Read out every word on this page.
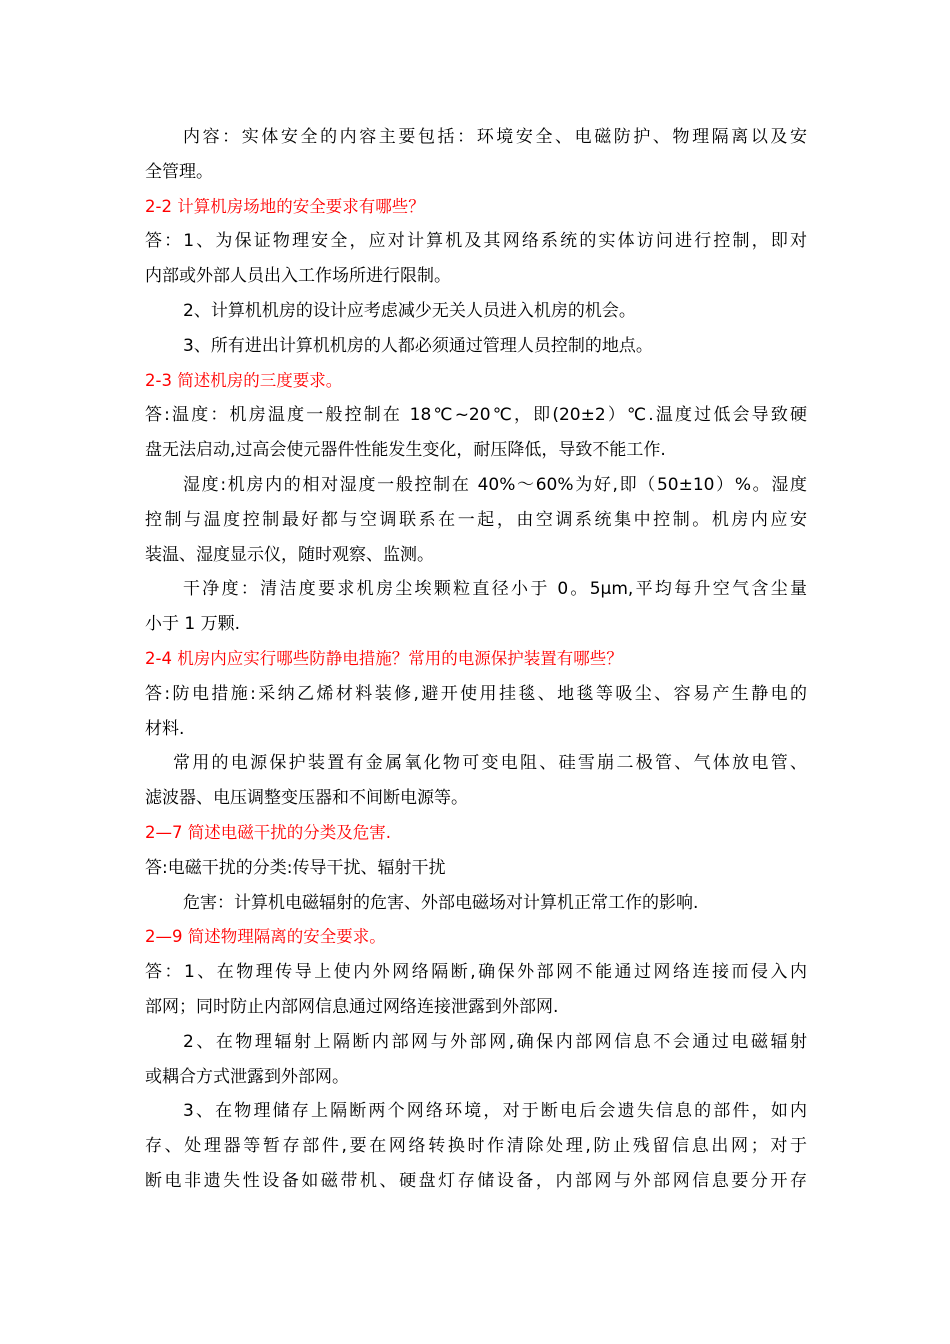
内容：实体安全的内容主要包括：环境安全、电磁防护、物理隔离以及安

全管理。

2-2 计算机房场地的安全要求有哪些？

答：1、为保证物理安全，应对计算机及其网络系统的实体访问进行控制，即对

内部或外部人员出入工作场所进行限制。

2、计算机机房的设计应考虑减少无关人员进入机房的机会。

3、所有进出计算机机房的人都必须通过管理人员控制的地点。

2-3 简述机房的三度要求。

答:温度：机房温度一般控制在 18℃~20℃，即(20±2）℃.温度过低会导致硬

盘无法启动,过高会使元器件性能发生变化，耐压降低，导致不能工作.

湿度:机房内的相对湿度一般控制在 40%～60%为好,即（50±10）%。湿度

控制与温度控制最好都与空调联系在一起，由空调系统集中控制。机房内应安

装温、湿度显示仪，随时观察、监测。

干净度：清洁度要求机房尘埃颗粒直径小于 0。5μm,平均每升空气含尘量

小于 1 万颗.

2-4 机房内应实行哪些防静电措施？常用的电源保护装置有哪些？

答:防电措施:采纳乙烯材料装修,避开使用挂毯、地毯等吸尘、容易产生静电的

材料.

常用的电源保护装置有金属氧化物可变电阻、硅雪崩二极管、气体放电管、

滤波器、电压调整变压器和不间断电源等。

2—7 简述电磁干扰的分类及危害.

答:电磁干扰的分类:传导干扰、辐射干扰

危害：计算机电磁辐射的危害、外部电磁场对计算机正常工作的影响.

2—9 简述物理隔离的安全要求。

答：1、在物理传导上使内外网络隔断,确保外部网不能通过网络连接而侵入内

部网；同时防止内部网信息通过网络连接泄露到外部网.

2、在物理辐射上隔断内部网与外部网,确保内部网信息不会通过电磁辐射

或耦合方式泄露到外部网。

3、在物理储存上隔断两个网络环境，对于断电后会遗失信息的部件，如内

存、处理器等暂存部件,要在网络转换时作清除处理,防止残留信息出网；对于

断电非遗失性设备如磁带机、硬盘灯存储设备，内部网与外部网信息要分开存
